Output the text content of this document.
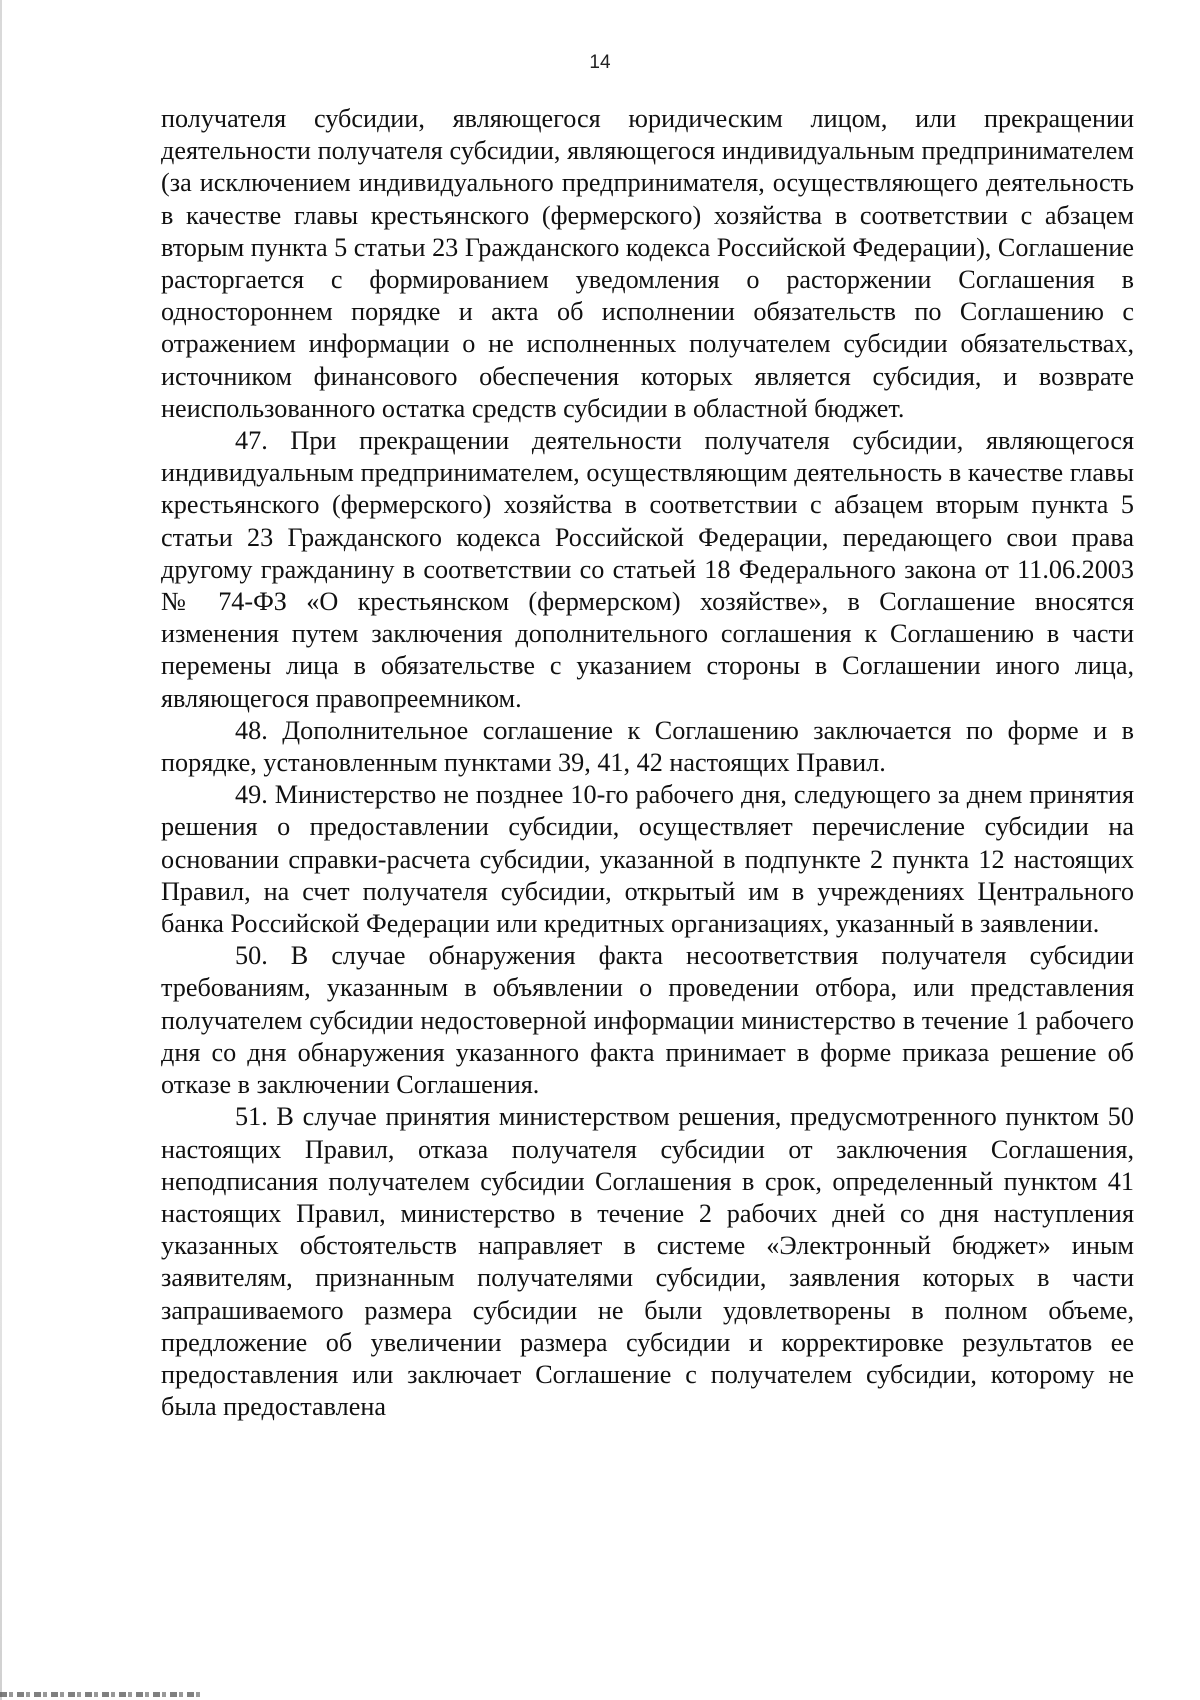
14

получателя субсидии, являющегося юридическим лицом, или прекращении деятельности получателя субсидии, являющегося индивидуальным предпринимателем (за исключением индивидуального предпринимателя, осуществляющего деятельность в качестве главы крестьянского (фермерского) хозяйства в соответствии с абзацем вторым пункта 5 статьи 23 Гражданского кодекса Российской Федерации), Соглашение расторгается с формированием уведомления о расторжении Соглашения в одностороннем порядке и акта об исполнении обязательств по Соглашению с отражением информации о не исполненных получателем субсидии обязательствах, источником финансового обеспечения которых является субсидия, и возврате неиспользованного остатка средств субсидии в областной бюджет.

47. При прекращении деятельности получателя субсидии, являющегося индивидуальным предпринимателем, осуществляющим деятельность в качестве главы крестьянского (фермерского) хозяйства в соответствии с абзацем вторым пункта 5 статьи 23 Гражданского кодекса Российской Федерации, передающего свои права другому гражданину в соответствии со статьей 18 Федерального закона от 11.06.2003 № 74-ФЗ «О крестьянском (фермерском) хозяйстве», в Соглашение вносятся изменения путем заключения дополнительного соглашения к Соглашению в части перемены лица в обязательстве с указанием стороны в Соглашении иного лица, являющегося правопреемником.

48. Дополнительное соглашение к Соглашению заключается по форме и в порядке, установленным пунктами 39, 41, 42 настоящих Правил.

49. Министерство не позднее 10-го рабочего дня, следующего за днем принятия решения о предоставлении субсидии, осуществляет перечисление субсидии на основании справки-расчета субсидии, указанной в подпункте 2 пункта 12 настоящих Правил, на счет получателя субсидии, открытый им в учреждениях Центрального банка Российской Федерации или кредитных организациях, указанный в заявлении.

50. В случае обнаружения факта несоответствия получателя субсидии требованиям, указанным в объявлении о проведении отбора, или представления получателем субсидии недостоверной информации министерство в течение 1 рабочего дня со дня обнаружения указанного факта принимает в форме приказа решение об отказе в заключении Соглашения.

51. В случае принятия министерством решения, предусмотренного пунктом 50 настоящих Правил, отказа получателя субсидии от заключения Соглашения, неподписания получателем субсидии Соглашения в срок, определенный пунктом 41 настоящих Правил, министерство в течение 2 рабочих дней со дня наступления указанных обстоятельств направляет в системе «Электронный бюджет» иным заявителям, признанным получателями субсидии, заявления которых в части запрашиваемого размера субсидии не были удовлетворены в полном объеме, предложение об увеличении размера субсидии и корректировке результатов ее предоставления или заключает Соглашение с получателем субсидии, которому не была предоставлена
